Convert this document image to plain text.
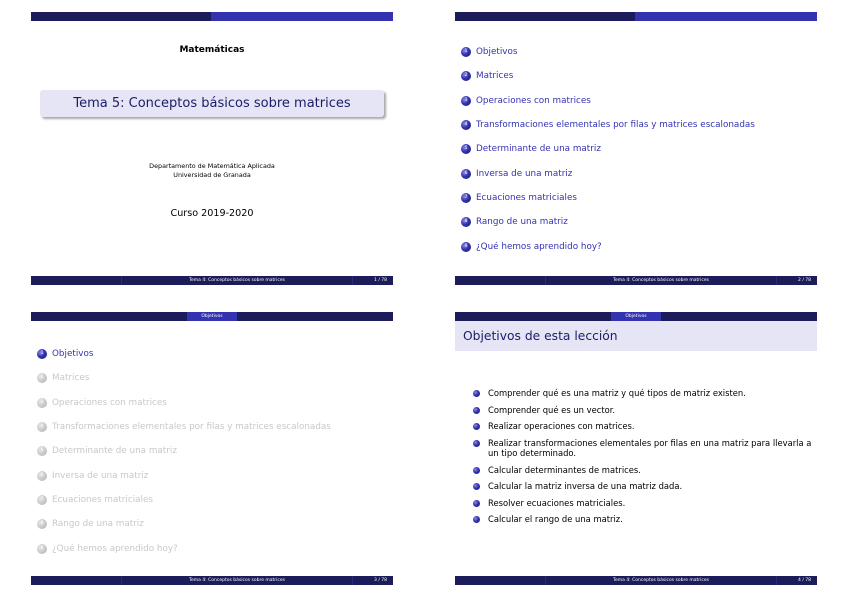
Matemáticas
Tema 5: Conceptos básicos sobre matrices
Departamento de Matemática Aplicada
Universidad de Granada
Curso 2019-2020
Tema 4: Conceptos básicos sobre matrices	1 / 78
1 Objetivos
2 Matrices
3 Operaciones con matrices
4 Transformaciones elementales por filas y matrices escalonadas
5 Determinante de una matriz
6 Inversa de una matriz
7 Ecuaciones matriciales
8 Rango de una matriz
9 ¿Qué hemos aprendido hoy?
Tema 4: Conceptos básicos sobre matrices	2 / 78
Objetivos
1 Objetivos
2 Matrices
3 Operaciones con matrices
4 Transformaciones elementales por filas y matrices escalonadas
5 Determinante de una matriz
6 Inversa de una matriz
7 Ecuaciones matriciales
8 Rango de una matriz
9 ¿Qué hemos aprendido hoy?
Tema 4: Conceptos básicos sobre matrices	3 / 78
Objetivos
Objetivos de esta lección
Comprender qué es una matriz y qué tipos de matriz existen.
Comprender qué es un vector.
Realizar operaciones con matrices.
Realizar transformaciones elementales por filas en una matriz para llevarla a un tipo determinado.
Calcular determinantes de matrices.
Calcular la matriz inversa de una matriz dada.
Resolver ecuaciones matriciales.
Calcular el rango de una matriz.
Tema 4: Conceptos básicos sobre matrices	4 / 78
